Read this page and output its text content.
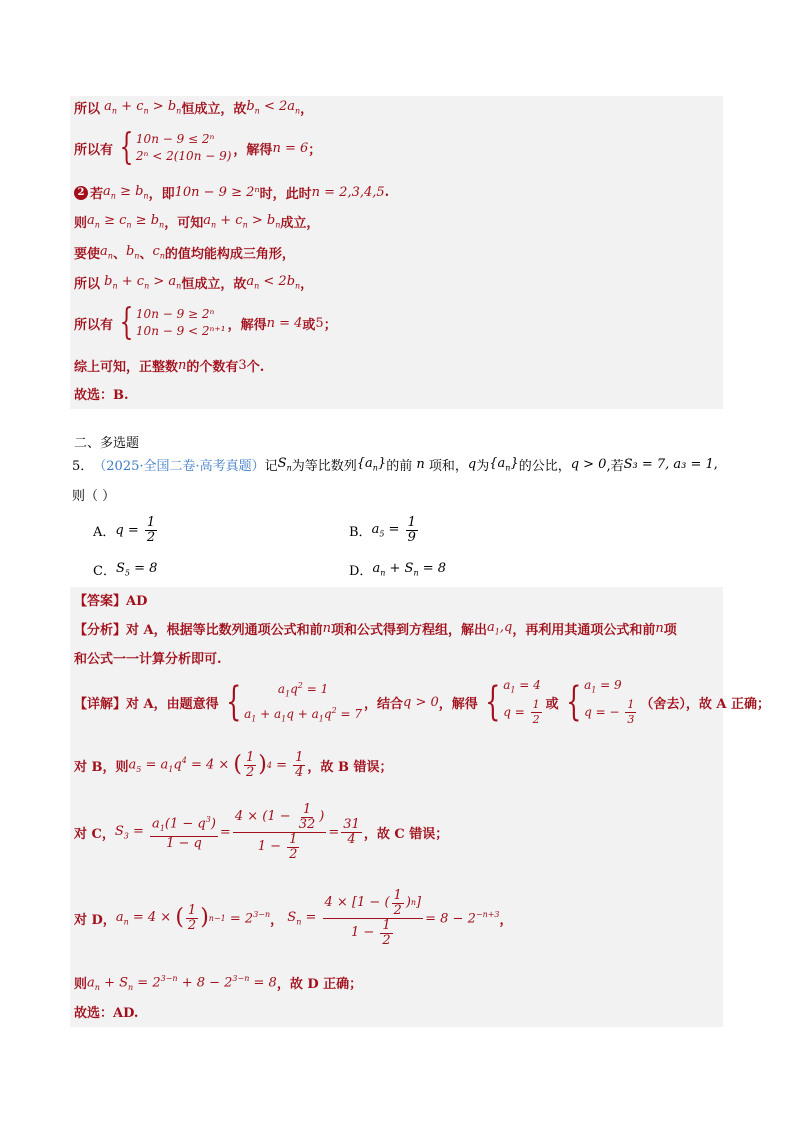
所以 $a_n + c_n > b_n$ 恒成立，故 $b_n < 2a_n$ ，
所以有 { 10n − 9 ≤ 2ⁿ
2ⁿ < 2(10n − 9) ，解得 n = 6 ；
2 若 $a_n \ge b_n$ ，即 10n − 9 ≥ 2ⁿ 时，此时 n = 2,3,4,5 .
则 $a_n \ge c_n \ge b_n$ ，可知 $a_n + c_n > b_n$ 成立，
要使 $a_n$ 、 $b_n$ 、 $c_n$ 的值均能构成三角形，
所以 $b_n + c_n > a_n$ 恒成立，故 $a_n < 2b_n$ ，
所以有 { 10n − 9 ≥ 2ⁿ
10n − 9 < 2ⁿ⁺¹ ，解得 n = 4 或 5 ；
综上可知，正整数 n 的个数有 3 个.
故选：B.
二、多选题
5． （2025·全国二卷·高考真题） 记 $S_n$ 为等比数列 $\{a_n\}$ 的前 n 项和， q 为 $\{a_n\}$ 的公比， q > 0 ,若 S₃ = 7, a₃ = 1 ,
则（ ）
A． $q = \frac{1}{2}$	B． $a_5 = \frac{1}{9}$
C． $S_5 = 8$	D． $a_n + S_n = 8$
【答案】AD
【分析】对 A，根据等比数列通项公式和前 n 项和公式得到方程组，解出 $a_1,q$ ，再利用其通项公式和前 n 项
和公式一一计算分析即可.
【详解】对 A，由题意得 {	$a_1q^2 = 1$
$a_1 + a_1q + a_1q^2 = 7$
，结合 q > 0 ，解得 { $a_1 = 4$
$q = \frac{1}{2}$ 或 { $a_1 = 9$
q = − $\frac{1}{3}$ （舍去），故 A 正确；
对 B，则 $a_5 = a_1q^4 = 4$ × ( $\frac{1}{2}$ ) $4 = \frac{1}{4}$ ，故 B 错误；
对 C， $S_3 = \frac{a_1(1 - q^3)}{1 - q} = \frac{4 \times (1 - \frac{1}{32} )}{1 - \frac{1}{2}} = \frac{31}{4}$ ，故 C 错误；
对 D， $a_n = 4$ × ( $\frac{1}{2}$ ) $n-1 = 2^{3-n}$ ， $S_n = \frac{4 \times [1 - ( \frac{1}{2} ) n ]}{1 - \frac{1}{2}} = 8 - 2^{-n+3}$ ，
则 $a_n + S_n = 2^{3-n} + 8 - 2^{3-n} = 8$ ，故 D 正确；
故选：AD.
